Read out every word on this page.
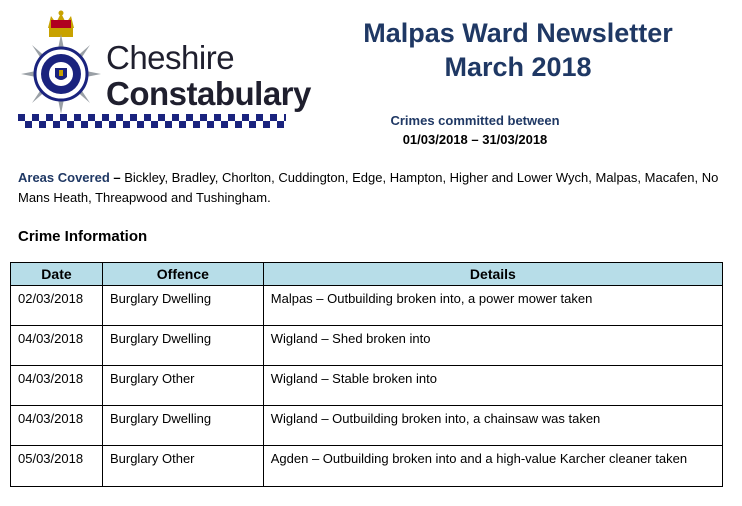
Cheshire
Constabulary
Malpas Ward Newsletter
March 2018
Crimes committed between
01/03/2018 – 31/03/2018
Areas Covered – Bickley, Bradley, Chorlton, Cuddington, Edge, Hampton, Higher and Lower Wych, Malpas, Macafen, No Mans Heath, Threapwood and Tushingham.
Crime Information
Date	Offence	Details
02/03/2018	Burglary Dwelling	Malpas – Outbuilding broken into, a power mower taken
04/03/2018	Burglary Dwelling	Wigland – Shed broken into
04/03/2018	Burglary Other	Wigland – Stable broken into
04/03/2018	Burglary Dwelling	Wigland – Outbuilding broken into, a chainsaw was taken
05/03/2018	Burglary Other	Agden – Outbuilding broken into and a high-value Karcher cleaner taken
